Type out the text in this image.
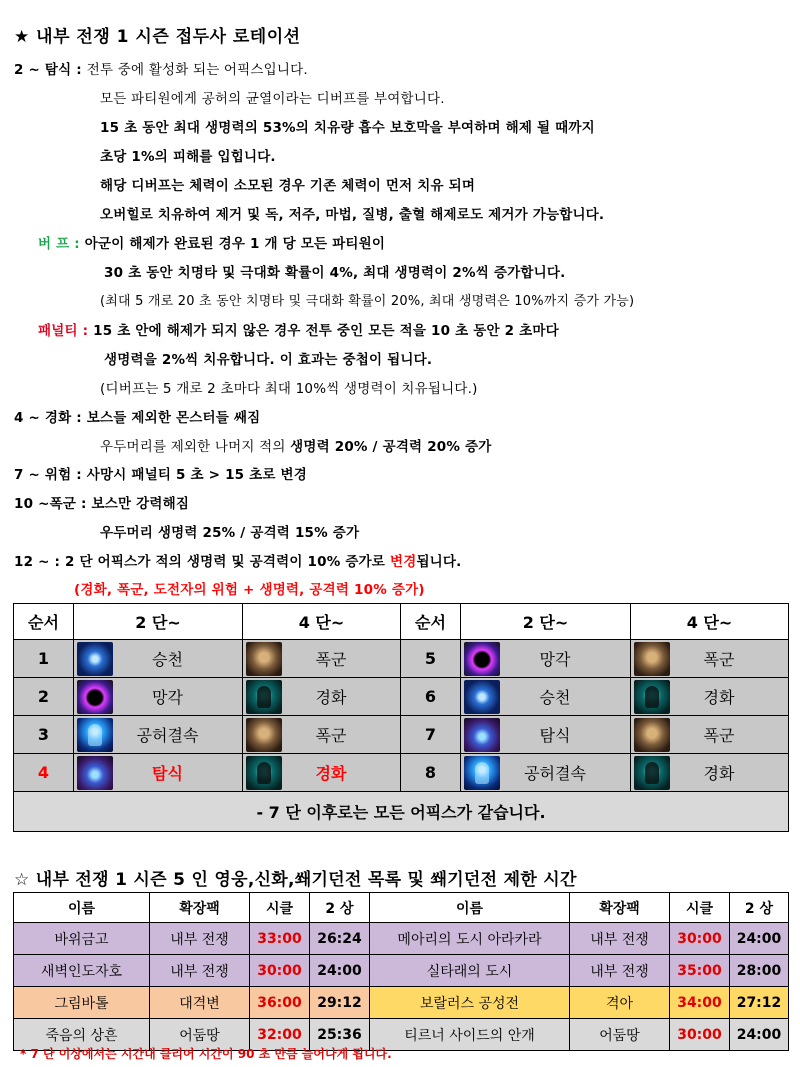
★ 내부 전쟁 1 시즌 접두사 로테이션
2 ~ 탐식 : 전투 중에 활성화 되는 어픽스입니다.
모든 파티원에게 공허의 균열이라는 디버프를 부여합니다.
15 초 동안 최대 생명력의 53%의 치유량 흡수 보호막을 부여하며 해제 될 때까지
초당 1%의 피해를 입힙니다.
해당 디버프는 체력이 소모된 경우 기존 체력이 먼저 치유 되며
오버힐로 치유하여 제거 및 독, 저주, 마법, 질병, 출혈 해제로도 제거가 가능합니다.
버 프 : 아군이 해제가 완료된 경우 1 개 당 모든 파티원이
30 초 동안 치명타 및 극대화 확률이 4%, 최대 생명력이 2%씩 증가합니다.
(최대 5 개로 20 초 동안 치명타 및 극대화 확률이 20%, 최대 생명력은 10%까지 증가 가능)
패널티 : 15 초 안에 해제가 되지 않은 경우 전투 중인 모든 적을 10 초 동안 2 초마다
생명력을 2%씩 치유합니다. 이 효과는 중첩이 됩니다.
(디버프는 5 개로 2 초마다 최대 10%씩 생명력이 치유됩니다.)
4 ~ 경화 : 보스들 제외한 몬스터들 쌔짐
우두머리를 제외한 나머지 적의 생명력 20% / 공격력 20% 증가
7 ~ 위험 : 사망시 패널티 5 초 > 15 초로 변경
10 ~폭군 : 보스만 강력해짐
우두머리 생명력 25% / 공격력 15% 증가
12 ~ : 2 단 어픽스가 적의 생명력 및 공격력이 10% 증가로 변경됩니다.
(경화, 폭군, 도전자의 위험 + 생명력, 공격력 10% 증가)
순서	2 단~	4 단~	순서	2 단~	4 단~
1	승천	폭군	5	망각	폭군

2	망각	경화	6	승천	경화

3	공허결속	폭군	7	탐식	폭군

4	탐식	경화	8	공허결속	경화

- 7 단 이후로는 모든 어픽스가 같습니다.					
☆ 내부 전쟁 1 시즌 5 인 영웅,신화,쐐기던전 목록 및 쐐기던전 제한 시간
이름	확장팩	시클	2 상	이름	확장팩	시클	2 상
바위금고	내부 전쟁	33:00	26:24	메아리의 도시 아라카라	내부 전쟁	30:00	24:00
새벽인도자호	내부 전쟁	30:00	24:00	실타래의 도시	내부 전쟁	35:00	28:00
그림바톨	대격변	36:00	29:12	보랄러스 공성전	격아	34:00	27:12
죽음의 상흔	어둠땅	32:00	25:36	티르너 사이드의 안개	어둠땅	30:00	24:00
* 7 단 이상에서는 시간내 클리어 시간이 90 초 만큼 늘어나게 됩니다.
